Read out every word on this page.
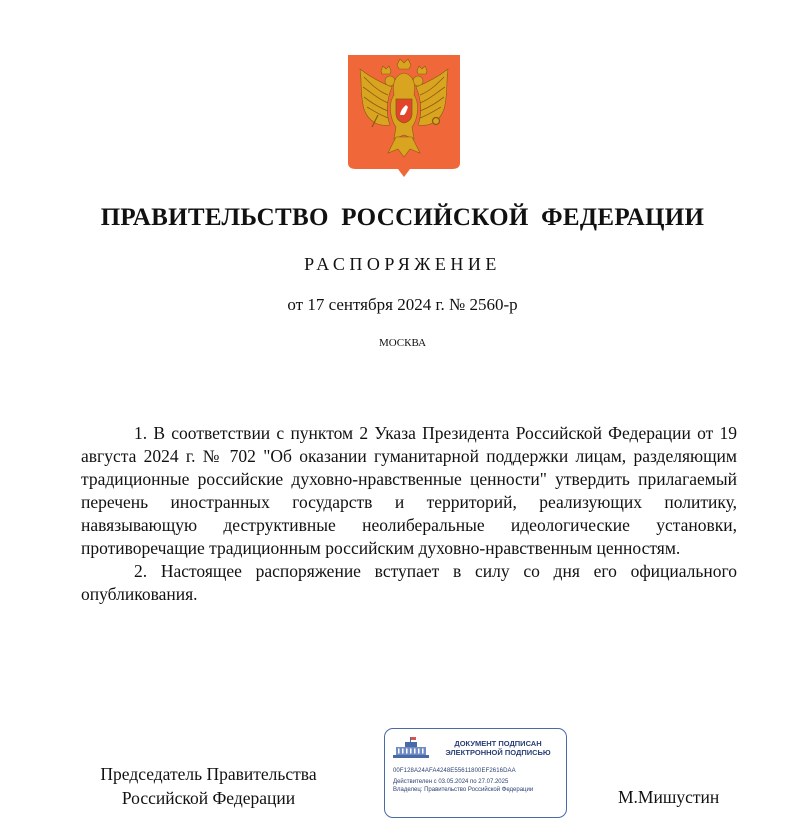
ПРАВИТЕЛЬСТВО РОССИЙСКОЙ ФЕДЕРАЦИИ
РАСПОРЯЖЕНИЕ
от 17 сентября 2024 г. № 2560-р
МОСКВА

1. В соответствии с пунктом 2 Указа Президента Российской Федерации от 19 августа 2024 г. № 702 "Об оказании гуманитарной поддержки лицам, разделяющим традиционные российские духовно-нравственные ценности" утвердить прилагаемый перечень иностранных государств и территорий, реализующих политику, навязывающую деструктивные неолиберальные идеологические установки, противоречащие традиционным российским духовно-нравственным ценностям.

2. Настоящее распоряжение вступает в силу со дня его официального опубликования.

Председатель Правительства
Российской Федерации
ДОКУМЕНТ ПОДПИСАН
ЭЛЕКТРОННОЙ ПОДПИСЬЮ
00F128A24AFA4248E55611800EF2616DAA
Действителен с 03.05.2024 по 27.07.2025
Владелец: Правительство Российской Федерации	М.Мишустин
